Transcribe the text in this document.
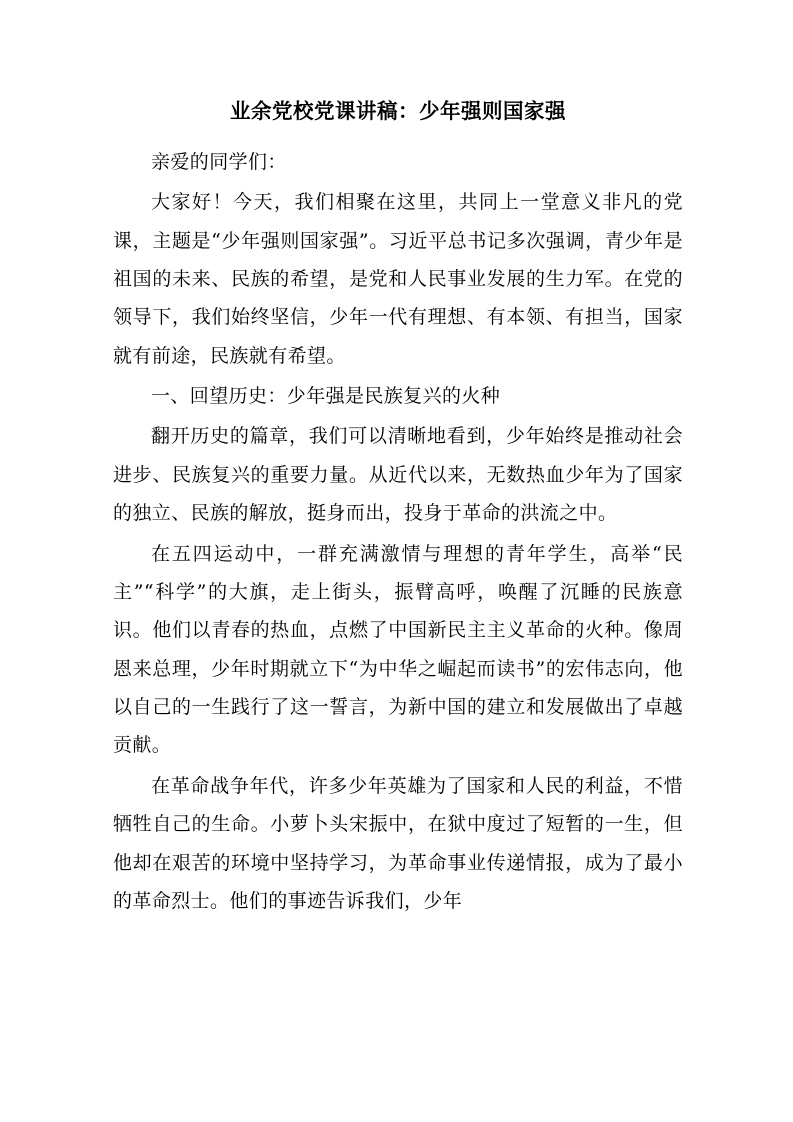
业余党校党课讲稿：少年强则国家强

亲爱的同学们：

大家好！今天，我们相聚在这里，共同上一堂意义非凡的党课，主题是“少年强则国家强”。习近平总书记多次强调，青少年是祖国的未来、民族的希望，是党和人民事业发展的生力军。在党的领导下，我们始终坚信，少年一代有理想、有本领、有担当，国家就有前途，民族就有希望。

一、回望历史：少年强是民族复兴的火种

翻开历史的篇章，我们可以清晰地看到，少年始终是推动社会进步、民族复兴的重要力量。从近代以来，无数热血少年为了国家的独立、民族的解放，挺身而出，投身于革命的洪流之中。

在五四运动中，一群充满激情与理想的青年学生，高举“民主”“科学”的大旗，走上街头，振臂高呼，唤醒了沉睡的民族意识。他们以青春的热血，点燃了中国新民主主义革命的火种。像周恩来总理，少年时期就立下“为中华之崛起而读书”的宏伟志向，他以自己的一生践行了这一誓言，为新中国的建立和发展做出了卓越贡献。

在革命战争年代，许多少年英雄为了国家和人民的利益，不惜牺牲自己的生命。小萝卜头宋振中，在狱中度过了短暂的一生，但他却在艰苦的环境中坚持学习，为革命事业传递情报，成为了最小的革命烈士。他们的事迹告诉我们，少年
